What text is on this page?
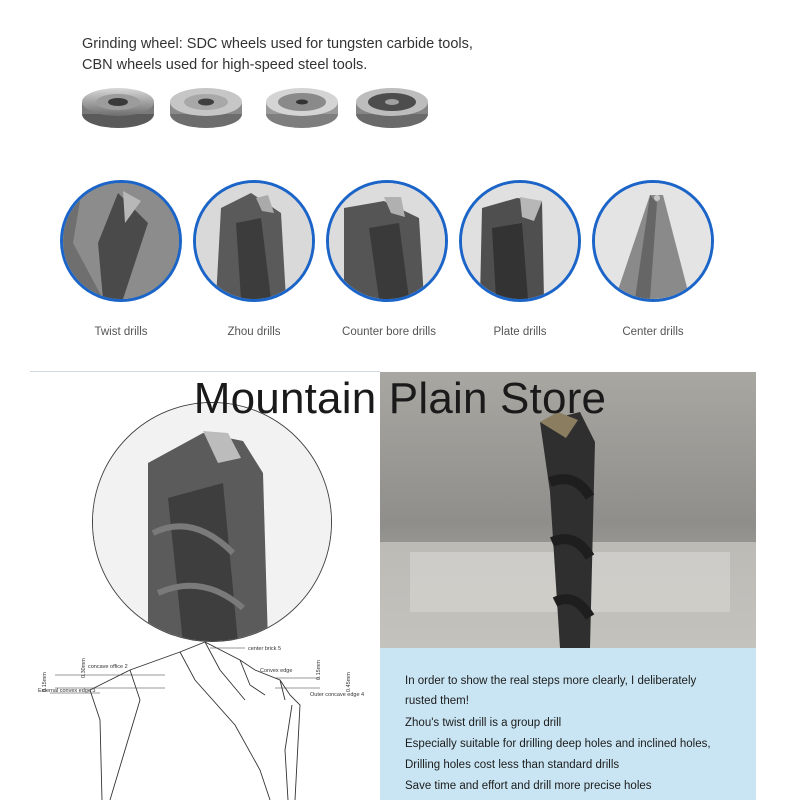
Grinding wheel: SDC wheels used for tungsten carbide tools,
CBN wheels used for high-speed steel tools.
Twist drills	Zhou drills	Counter bore drills	Plate drills	Center drills
Mountain Plain Store
In order to show the real steps more clearly, I deliberately
rusted them!
Zhou's twist drill is a group drill
Especially suitable for drilling deep holes and inclined holes,
Drilling holes cost less than standard drills
Save time and effort and drill more precise holes
center brick 5
concave office 2
Convex edge
External convex edge 3
Outer concave edge 4
0.30mm
0.15mm
0.15mm
0.45mm
